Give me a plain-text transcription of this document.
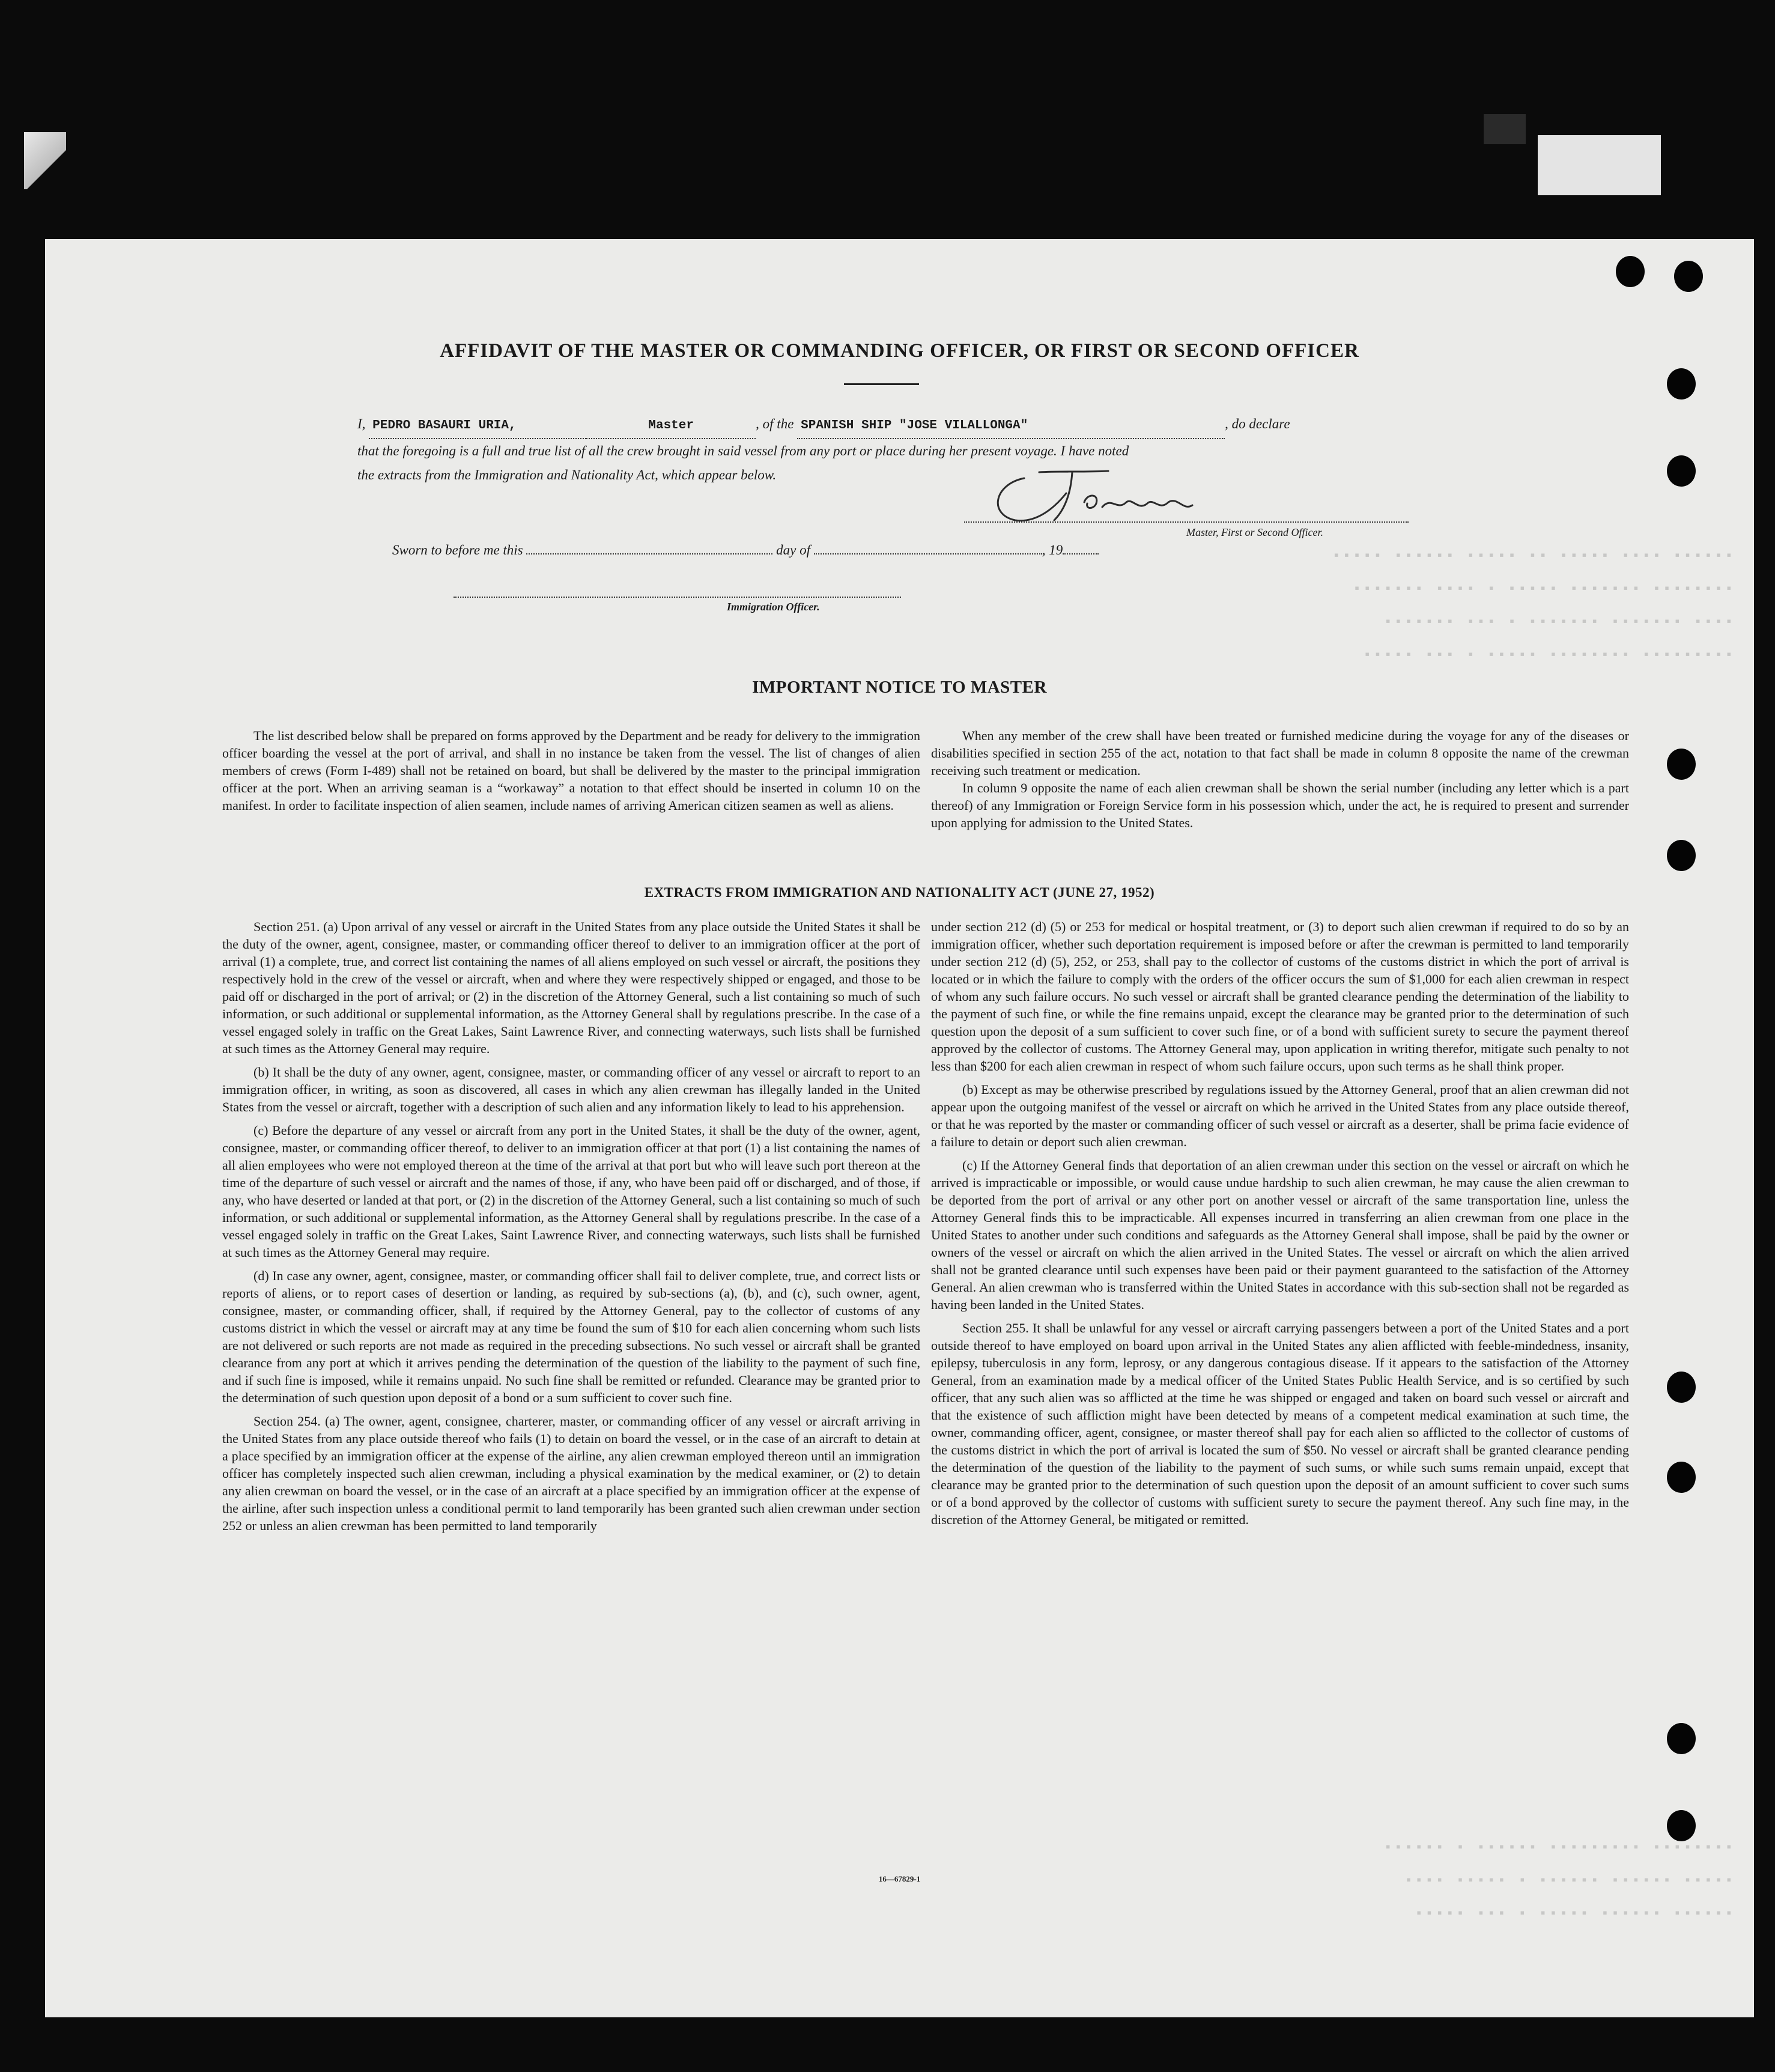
▪▪▪▪▪▪ ▪▪▪▪ ▪▪▪▪▪ ▪▪ ▪▪▪▪▪ ▪▪▪▪▪▪ ▪▪▪▪▪
▪▪▪▪▪▪▪▪ ▪▪▪▪▪▪▪ ▪▪▪▪▪ ▪ ▪▪▪▪ ▪▪▪▪▪▪▪
▪▪▪▪ ▪▪▪▪▪▪▪ ▪▪▪▪▪▪▪ ▪ ▪▪▪ ▪▪▪▪▪▪▪
▪▪▪▪▪▪▪▪▪ ▪▪▪▪▪▪▪▪ ▪▪▪▪▪ ▪ ▪▪▪ ▪▪▪▪▪
▪▪▪▪▪▪▪▪ ▪▪▪▪▪▪▪▪▪ ▪▪▪▪▪▪ ▪ ▪▪▪▪▪▪
▪▪▪▪▪ ▪▪▪▪▪▪ ▪▪▪▪▪▪ ▪ ▪▪▪▪▪ ▪▪▪▪
▪▪▪▪▪▪ ▪▪▪▪▪▪ ▪▪▪▪▪ ▪ ▪▪▪ ▪▪▪▪▪
AFFIDAVIT OF THE MASTER OR COMMANDING OFFICER, OR FIRST OR SECOND OFFICER
I, PEDRO BASAURI URIA,	Master	, of the SPANISH SHIP "JOSE VILALLONGA"	, do declare
that the foregoing is a full and true list of all the crew brought in said vessel from any port or place during her present voyage. I have noted
the extracts from the Immigration and Nationality Act, which appear below.
Master, First or Second Officer.
Sworn to before me this	day of	, 19
Immigration Officer.
IMPORTANT NOTICE TO MASTER

The list described below shall be prepared on forms approved by the Department and be ready for delivery to the immigration officer boarding the vessel at the port of arrival, and shall in no instance be taken from the vessel. The list of changes of alien members of crews (Form I-489) shall not be retained on board, but shall be delivered by the master to the principal immigration officer at the port. When an arriving seaman is a “workaway” a notation to that effect should be inserted in column 10 on the manifest. In order to facilitate inspection of alien seamen, include names of arriving American citizen seamen as well as aliens.

When any member of the crew shall have been treated or furnished medicine during the voyage for any of the diseases or disabilities specified in section 255 of the act, notation to that fact shall be made in column 8 opposite the name of the crewman receiving such treatment or medication.

In column 9 opposite the name of each alien crewman shall be shown the serial number (including any letter which is a part thereof) of any Immigration or Foreign Service form in his possession which, under the act, he is required to present and surrender upon applying for admission to the United States.

EXTRACTS FROM IMMIGRATION AND NATIONALITY ACT (JUNE 27, 1952)

Section 251. (a) Upon arrival of any vessel or aircraft in the United States from any place outside the United States it shall be the duty of the owner, agent, consignee, master, or commanding officer thereof to deliver to an immigration officer at the port of arrival (1) a complete, true, and correct list containing the names of all aliens employed on such vessel or aircraft, the positions they respectively hold in the crew of the vessel or aircraft, when and where they were respectively shipped or engaged, and those to be paid off or discharged in the port of arrival; or (2) in the discretion of the Attorney General, such a list containing so much of such information, or such additional or supplemental information, as the Attorney General shall by regulations prescribe. In the case of a vessel engaged solely in traffic on the Great Lakes, Saint Lawrence River, and connecting waterways, such lists shall be furnished at such times as the Attorney General may require.

(b) It shall be the duty of any owner, agent, consignee, master, or commanding officer of any vessel or aircraft to report to an immigration officer, in writing, as soon as discovered, all cases in which any alien crewman has illegally landed in the United States from the vessel or aircraft, together with a description of such alien and any information likely to lead to his apprehension.

(c) Before the departure of any vessel or aircraft from any port in the United States, it shall be the duty of the owner, agent, consignee, master, or commanding officer thereof, to deliver to an immigration officer at that port (1) a list containing the names of all alien employees who were not employed thereon at the time of the arrival at that port but who will leave such port thereon at the time of the departure of such vessel or aircraft and the names of those, if any, who have been paid off or discharged, and of those, if any, who have deserted or landed at that port, or (2) in the discretion of the Attorney General, such a list containing so much of such information, or such additional or supplemental information, as the Attorney General shall by regulations prescribe. In the case of a vessel engaged solely in traffic on the Great Lakes, Saint Lawrence River, and connecting waterways, such lists shall be furnished at such times as the Attorney General may require.

(d) In case any owner, agent, consignee, master, or commanding officer shall fail to deliver complete, true, and correct lists or reports of aliens, or to report cases of desertion or landing, as required by sub-sections (a), (b), and (c), such owner, agent, consignee, master, or commanding officer, shall, if required by the Attorney General, pay to the collector of customs of any customs district in which the vessel or aircraft may at any time be found the sum of $10 for each alien concerning whom such lists are not delivered or such reports are not made as required in the preceding subsections. No such vessel or aircraft shall be granted clearance from any port at which it arrives pending the determination of the question of the liability to the payment of such fine, and if such fine is imposed, while it remains unpaid. No such fine shall be remitted or refunded. Clearance may be granted prior to the determination of such question upon deposit of a bond or a sum sufficient to cover such fine.

Section 254. (a) The owner, agent, consignee, charterer, master, or commanding officer of any vessel or aircraft arriving in the United States from any place outside thereof who fails (1) to detain on board the vessel, or in the case of an aircraft to detain at a place specified by an immigration officer at the expense of the airline, any alien crewman employed thereon until an immigration officer has completely inspected such alien crewman, including a physical examination by the medical examiner, or (2) to detain any alien crewman on board the vessel, or in the case of an aircraft at a place specified by an immigration officer at the expense of the airline, after such inspection unless a conditional permit to land temporarily has been granted such alien crewman under section 252 or unless an alien crewman has been permitted to land temporarily

under section 212 (d) (5) or 253 for medical or hospital treatment, or (3) to deport such alien crewman if required to do so by an immigration officer, whether such deportation requirement is imposed before or after the crewman is permitted to land temporarily under section 212 (d) (5), 252, or 253, shall pay to the collector of customs of the customs district in which the port of arrival is located or in which the failure to comply with the orders of the officer occurs the sum of $1,000 for each alien crewman in respect of whom any such failure occurs. No such vessel or aircraft shall be granted clearance pending the determination of the liability to the payment of such fine, or while the fine remains unpaid, except the clearance may be granted prior to the determination of such question upon the deposit of a sum sufficient to cover such fine, or of a bond with sufficient surety to secure the payment thereof approved by the collector of customs. The Attorney General may, upon application in writing therefor, mitigate such penalty to not less than $200 for each alien crewman in respect of whom such failure occurs, upon such terms as he shall think proper.

(b) Except as may be otherwise prescribed by regulations issued by the Attorney General, proof that an alien crewman did not appear upon the outgoing manifest of the vessel or aircraft on which he arrived in the United States from any place outside thereof, or that he was reported by the master or commanding officer of such vessel or aircraft as a deserter, shall be prima facie evidence of a failure to detain or deport such alien crewman.

(c) If the Attorney General finds that deportation of an alien crewman under this section on the vessel or aircraft on which he arrived is impracticable or impossible, or would cause undue hardship to such alien crewman, he may cause the alien crewman to be deported from the port of arrival or any other port on another vessel or aircraft of the same transportation line, unless the Attorney General finds this to be impracticable. All expenses incurred in transferring an alien crewman from one place in the United States to another under such conditions and safeguards as the Attorney General shall impose, shall be paid by the owner or owners of the vessel or aircraft on which the alien arrived in the United States. The vessel or aircraft on which the alien arrived shall not be granted clearance until such expenses have been paid or their payment guaranteed to the satisfaction of the Attorney General. An alien crewman who is transferred within the United States in accordance with this sub-section shall not be regarded as having been landed in the United States.

Section 255. It shall be unlawful for any vessel or aircraft carrying passengers between a port of the United States and a port outside thereof to have employed on board upon arrival in the United States any alien afflicted with feeble-mindedness, insanity, epilepsy, tuberculosis in any form, leprosy, or any dangerous contagious disease. If it appears to the satisfaction of the Attorney General, from an examination made by a medical officer of the United States Public Health Service, and is so certified by such officer, that any such alien was so afflicted at the time he was shipped or engaged and taken on board such vessel or aircraft and that the existence of such affliction might have been detected by means of a competent medical examination at such time, the owner, commanding officer, agent, consignee, or master thereof shall pay for each alien so afflicted to the collector of customs of the customs district in which the port of arrival is located the sum of $50. No vessel or aircraft shall be granted clearance pending the determination of the question of the liability to the payment of such sums, or while such sums remain unpaid, except that clearance may be granted prior to the determination of such question upon the deposit of an amount sufficient to cover such sums or of a bond approved by the collector of customs with sufficient surety to secure the payment thereof. Any such fine may, in the discretion of the Attorney General, be mitigated or remitted.

16—67829-1
